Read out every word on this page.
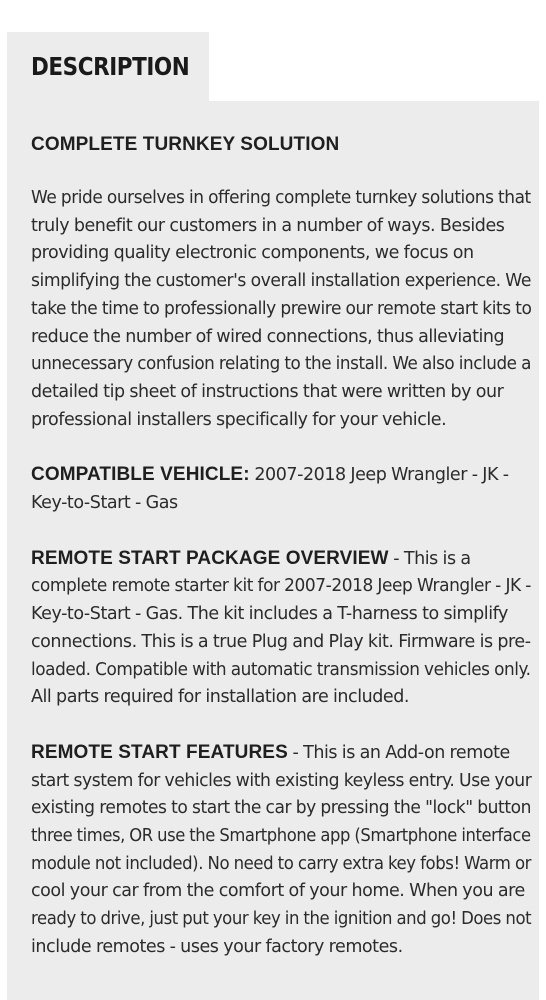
DESCRIPTION
COMPLETE TURNKEY SOLUTION
We pride ourselves in offering complete turnkey solutions that
truly benefit our customers in a number of ways. Besides
providing quality electronic components, we focus on
simplifying the customer's overall installation experience. We
take the time to professionally prewire our remote start kits to
reduce the number of wired connections, thus alleviating
unnecessary confusion relating to the install. We also include a
detailed tip sheet of instructions that were written by our
professional installers specifically for your vehicle.
COMPATIBLE VEHICLE: 2007-2018 Jeep Wrangler - JK -
Key-to-Start - Gas
REMOTE START PACKAGE OVERVIEW - This is a
complete remote starter kit for 2007-2018 Jeep Wrangler - JK -
Key-to-Start - Gas. The kit includes a T-harness to simplify
connections. This is a true Plug and Play kit. Firmware is pre-
loaded. Compatible with automatic transmission vehicles only.
All parts required for installation are included.
REMOTE START FEATURES - This is an Add-on remote
start system for vehicles with existing keyless entry. Use your
existing remotes to start the car by pressing the "lock" button
three times, OR use the Smartphone app (Smartphone interface
module not included). No need to carry extra key fobs! Warm or
cool your car from the comfort of your home. When you are
ready to drive, just put your key in the ignition and go! Does not
include remotes - uses your factory remotes.
